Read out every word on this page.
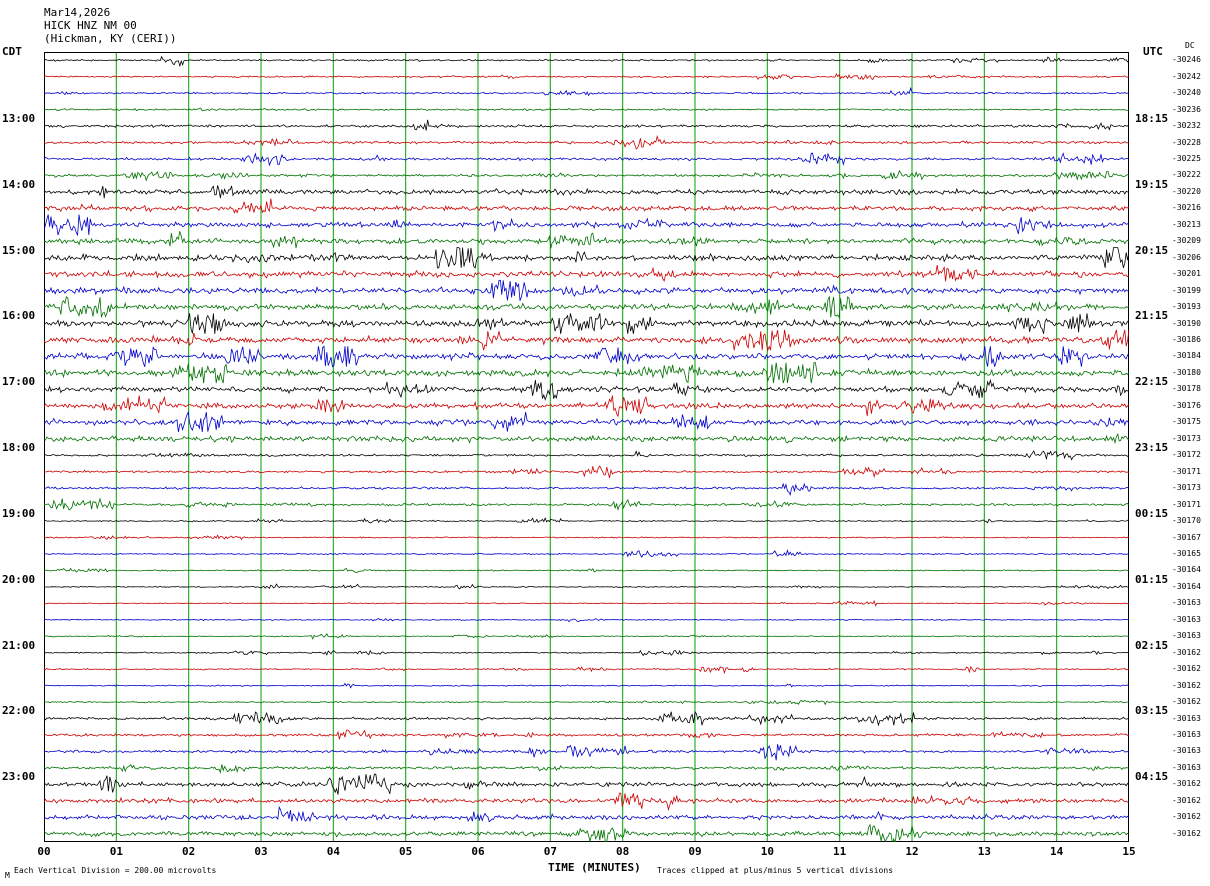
Mar14,2026
HICK HNZ NM 00
(Hickman, KY (CERI))
CDT	UTC	DC
13:00
14:00
15:00
16:00
17:00
18:00
19:00
20:00
21:00
22:00
23:00
18:15
19:15
20:15
21:15
22:15
23:15
00:15
01:15
02:15
03:15
04:15
-30246
-30242
-30240
-30236
-30232
-30228
-30225
-30222
-30220
-30216
-30213
-30209
-30206
-30201
-30199
-30193
-30190
-30186
-30184
-30180
-30178
-30176
-30175
-30173
-30172
-30171
-30173
-30171
-30170
-30167
-30165
-30164
-30164
-30163
-30163
-30163
-30162
-30162
-30162
-30162
-30163
-30163
-30163
-30163
-30162
-30162
-30162
-30162
00	01	02	03	04	05	06	07	08	09	10	11	12	13	14	15
TIME (MINUTES)
Each Vertical Division = 200.00 microvolts
M
Traces clipped at plus/minus 5 vertical divisions
